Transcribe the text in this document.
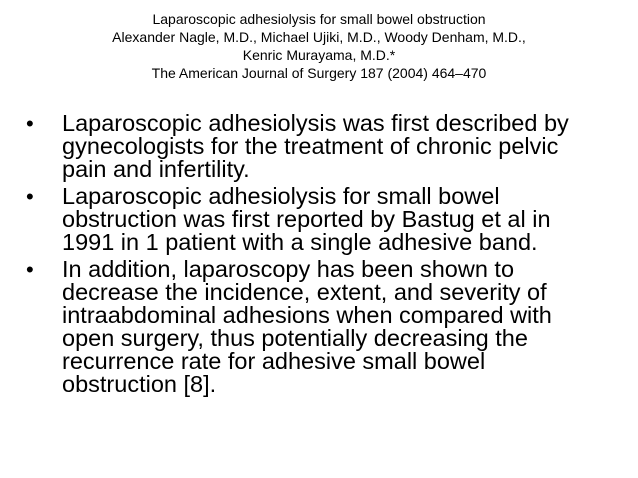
Laparoscopic adhesiolysis for small bowel obstruction
Alexander Nagle, M.D., Michael Ujiki, M.D., Woody Denham, M.D.,
Kenric Murayama, M.D.*
The American Journal of Surgery 187 (2004) 464–470
•	Laparoscopic adhesiolysis was first described by
gynecologists for the treatment of chronic pelvic
pain and infertility.
•	Laparoscopic adhesiolysis for small bowel
obstruction was first reported by Bastug et al in
1991 in 1 patient with a single adhesive band.
•	In addition, laparoscopy has been shown to
decrease the incidence, extent, and severity of
intraabdominal adhesions when compared with
open surgery, thus potentially decreasing the
recurrence rate for adhesive small bowel
obstruction [8].
